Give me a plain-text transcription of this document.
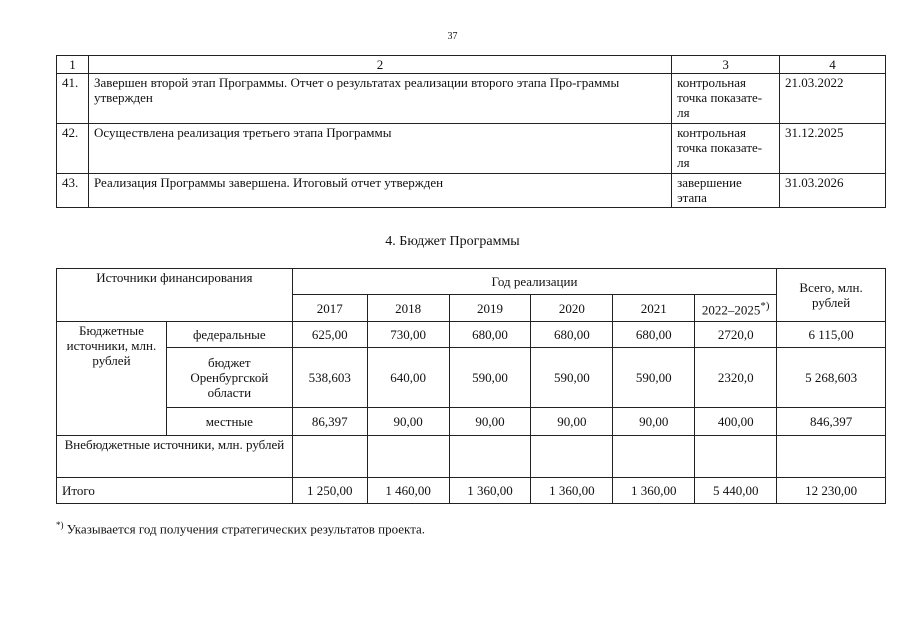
37
1	2	3	4
41.	Завершен второй этап Программы. Отчет о результатах реализации второго этапа Про-граммы утвержден	контрольная точка показате-ля	21.03.2022
42.	Осуществлена реализация третьего этапа Программы	контрольная точка показате-ля	31.12.2025
43.	Реализация Программы завершена. Итоговый отчет утвержден	завершение этапа	31.03.2026
4. Бюджет Программы
Источники финансирования		Год реализации						Всего, млн. рублей
		2017	2018	2019	2020	2021	2022–2025*)
Бюджетные источники, млн. рублей	федеральные	625,00	730,00	680,00	680,00	680,00	2720,0	6 115,00
	бюджет Оренбургской области	538,603	640,00	590,00	590,00	590,00	2320,0	5 268,603
	местные	86,397	90,00	90,00	90,00	90,00	400,00	846,397
Внебюджетные источники, млн. рублей								
Итого		1 250,00	1 460,00	1 360,00	1 360,00	1 360,00	5 440,00	12 230,00
*) Указывается год получения стратегических результатов проекта.
